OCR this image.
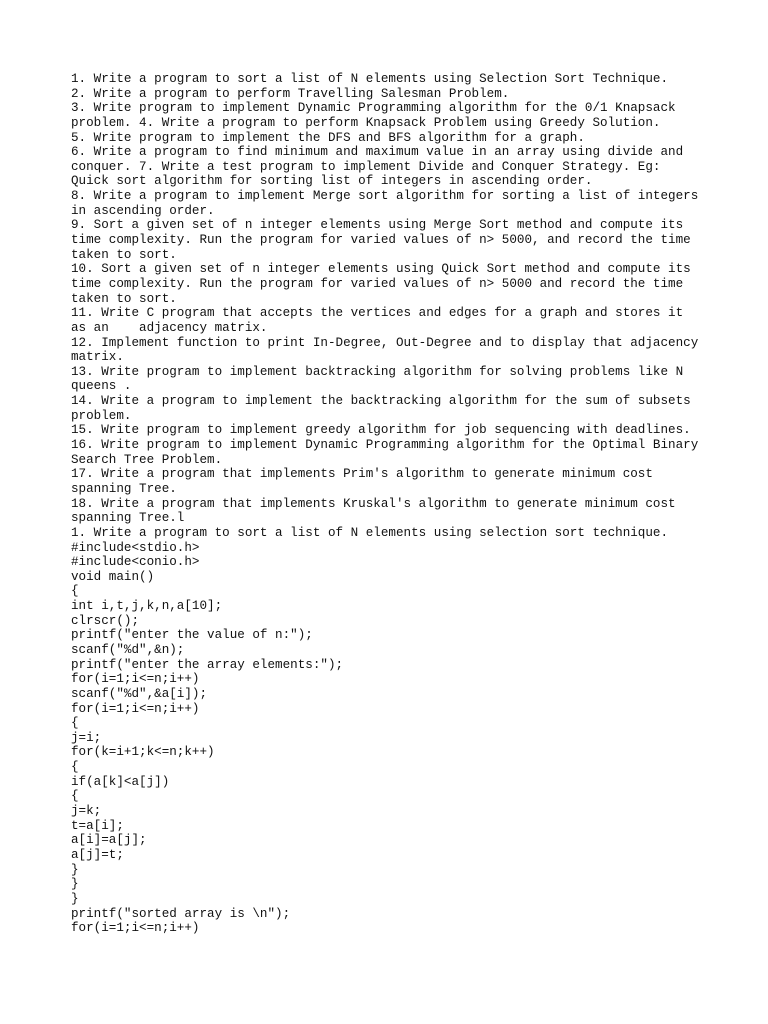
1. Write a program to sort a list of N elements using Selection Sort Technique.
2. Write a program to perform Travelling Salesman Problem.
3. Write program to implement Dynamic Programming algorithm for the 0/1 Knapsack
problem. 4. Write a program to perform Knapsack Problem using Greedy Solution.
5. Write program to implement the DFS and BFS algorithm for a graph.
6. Write a program to find minimum and maximum value in an array using divide and
conquer. 7. Write a test program to implement Divide and Conquer Strategy. Eg:
Quick sort algorithm for sorting list of integers in ascending order.
8. Write a program to implement Merge sort algorithm for sorting a list of integers
in ascending order.
9. Sort a given set of n integer elements using Merge Sort method and compute its
time complexity. Run the program for varied values of n> 5000, and record the time
taken to sort.
10. Sort a given set of n integer elements using Quick Sort method and compute its
time complexity. Run the program for varied values of n> 5000 and record the time
taken to sort.
11. Write C program that accepts the vertices and edges for a graph and stores it
as an    adjacency matrix.
12. Implement function to print In-Degree, Out-Degree and to display that adjacency
matrix.
13. Write program to implement backtracking algorithm for solving problems like N
queens .
14. Write a program to implement the backtracking algorithm for the sum of subsets
problem.
15. Write program to implement greedy algorithm for job sequencing with deadlines.
16. Write program to implement Dynamic Programming algorithm for the Optimal Binary
Search Tree Problem.
17. Write a program that implements Prim's algorithm to generate minimum cost
spanning Tree.
18. Write a program that implements Kruskal's algorithm to generate minimum cost
spanning Tree.l
1. Write a program to sort a list of N elements using selection sort technique.
#include<stdio.h>
#include<conio.h>
void main()
{
int i,t,j,k,n,a[10];
clrscr();
printf("enter the value of n:");
scanf("%d",&n);
printf("enter the array elements:");
for(i=1;i<=n;i++)
scanf("%d",&a[i]);
for(i=1;i<=n;i++)
{
j=i;
for(k=i+1;k<=n;k++)
{
if(a[k]<a[j])
{
j=k;
t=a[i];
a[i]=a[j];
a[j]=t;
}
}
}
printf("sorted array is \n");
for(i=1;i<=n;i++)
